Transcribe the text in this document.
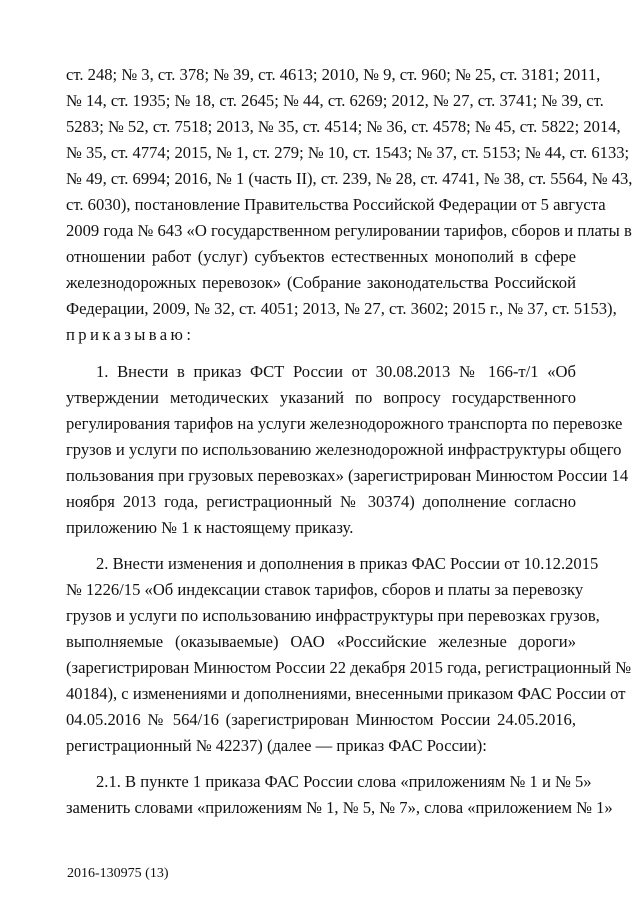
ст. 248; № 3, ст. 378; № 39, ст. 4613; 2010, № 9, ст. 960; № 25, ст. 3181; 2011,
№ 14, ст. 1935; № 18, ст. 2645; № 44, ст. 6269; 2012, № 27, ст. 3741; № 39, ст.
5283; № 52, ст. 7518; 2013, № 35, ст. 4514; № 36, ст. 4578; № 45, ст. 5822; 2014,
№ 35, ст. 4774; 2015, № 1, ст. 279; № 10, ст. 1543; № 37, ст. 5153; № 44, ст. 6133;
№ 49, ст. 6994; 2016, № 1 (часть II), ст. 239, № 28, ст. 4741, № 38, ст. 5564, № 43,
ст. 6030), постановление Правительства Российской Федерации от 5 августа
2009 года № 643 «О государственном регулировании тарифов, сборов и платы в
отношении работ (услуг) субъектов естественных монополий в сфере
железнодорожных перевозок» (Собрание законодательства Российской
Федерации, 2009, № 32, ст. 4051; 2013, № 27, ст. 3602; 2015 г., № 37, ст. 5153),
приказываю:
1. Внести в приказ ФСТ России от 30.08.2013 № 166-т/1 «Об
утверждении методических указаний по вопросу государственного
регулирования тарифов на услуги железнодорожного транспорта по перевозке
грузов и услуги по использованию железнодорожной инфраструктуры общего
пользования при грузовых перевозках» (зарегистрирован Минюстом России 14
ноября 2013 года, регистрационный № 30374) дополнение согласно
приложению № 1 к настоящему приказу.
2. Внести изменения и дополнения в приказ ФАС России от 10.12.2015
№ 1226/15 «Об индексации ставок тарифов, сборов и платы за перевозку
грузов и услуги по использованию инфраструктуры при перевозках грузов,
выполняемые (оказываемые) ОАО «Российские железные дороги»
(зарегистрирован Минюстом России 22 декабря 2015 года, регистрационный №
40184), с изменениями и дополнениями, внесенными приказом ФАС России от
04.05.2016 № 564/16 (зарегистрирован Минюстом России 24.05.2016,
регистрационный № 42237) (далее — приказ ФАС России):
2.1. В пункте 1 приказа ФАС России слова «приложениям № 1 и № 5»
заменить словами «приложениям № 1, № 5, № 7», слова «приложением № 1»
2016-130975 (13)
